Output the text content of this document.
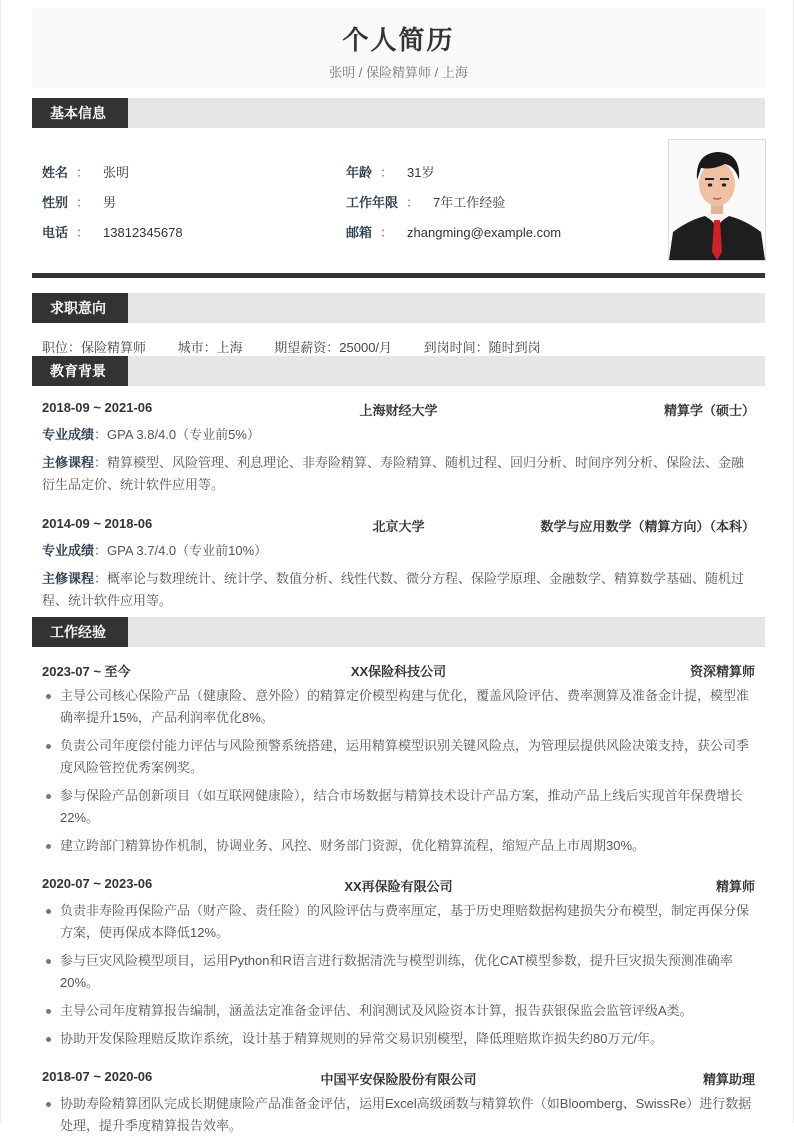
个人简历
张明 / 保险精算师 / 上海
基本信息
姓名 ： 张明
性别 ： 男
电话 ： 13812345678
年龄 ： 31岁
工作年限 ： 7年工作经验
邮箱 ： zhangming@example.com
求职意向
职位：保险精算师 城市：上海 期望薪资：25000/月 到岗时间：随时到岗
教育背景
2018-09 ~ 2021-06	上海财经大学	精算学（硕士）
专业成绩：GPA 3.8/4.0（专业前5%）
主修课程：精算模型、风险管理、利息理论、非寿险精算、寿险精算、随机过程、回归分析、时间序列分析、保险法、金融衍生品定价、统计软件应用等。
2014-09 ~ 2018-06	北京大学	数学与应用数学（精算方向）（本科）
专业成绩：GPA 3.7/4.0（专业前10%）
主修课程：概率论与数理统计、统计学、数值分析、线性代数、微分方程、保险学原理、金融数学、精算数学基础、随机过程、统计软件应用等。
工作经验
2023-07 ~ 至今	XX保险科技公司	资深精算师
主导公司核心保险产品（健康险、意外险）的精算定价模型构建与优化，覆盖风险评估、费率测算及准备金计提，模型准确率提升15%，产品利润率优化8%。
负责公司年度偿付能力评估与风险预警系统搭建，运用精算模型识别关键风险点，为管理层提供风险决策支持，获公司季度风险管控优秀案例奖。
参与保险产品创新项目（如互联网健康险），结合市场数据与精算技术设计产品方案，推动产品上线后实现首年保费增长22%。
建立跨部门精算协作机制，协调业务、风控、财务部门资源，优化精算流程，缩短产品上市周期30%。
2020-07 ~ 2023-06	XX再保险有限公司	精算师
负责非寿险再保险产品（财产险、责任险）的风险评估与费率厘定，基于历史理赔数据构建损失分布模型，制定再保分保方案，使再保成本降低12%。
参与巨灾风险模型项目，运用Python和R语言进行数据清洗与模型训练，优化CAT模型参数，提升巨灾损失预测准确率20%。
主导公司年度精算报告编制，涵盖法定准备金评估、利润测试及风险资本计算，报告获银保监会监管评级A类。
协助开发保险理赔反欺诈系统，设计基于精算规则的异常交易识别模型，降低理赔欺诈损失约80万元/年。
2018-07 ~ 2020-06	中国平安保险股份有限公司	精算助理
协助寿险精算团队完成长期健康险产品准备金评估，运用Excel高级函数与精算软件（如Bloomberg、SwissRe）进行数据处理，提升季度精算报告效率。
